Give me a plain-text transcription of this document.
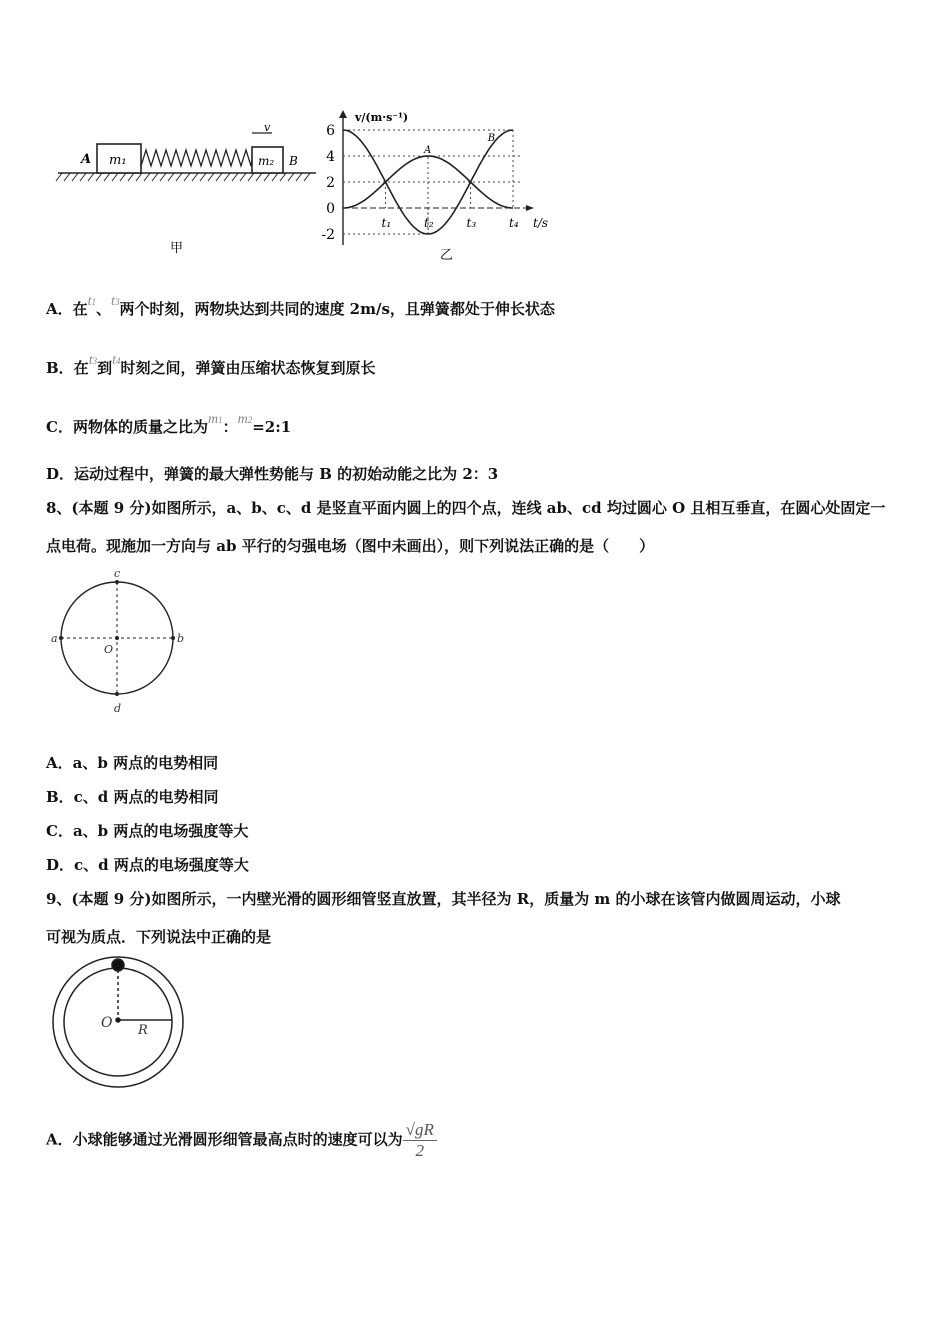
A m₁	m₂ B
v
甲
6
4
2
0
-2
t₁	t₂	t₃	t₄
v/(m·s⁻¹)
t/s
乙
A
B
a	b
c
d
O
O R
A．在t1、t3两个时刻，两物块达到共同的速度 2m/s，且弹簧都处于伸长状态
B．在t3到t4时刻之间，弹簧由压缩状态恢复到原长
C．两物体的质量之比为m1：m2=2:1
D．运动过程中，弹簧的最大弹性势能与 B 的初始动能之比为 2：3
8、(本题 9 分)如图所示，a、b、c、d 是竖直平面内圆上的四个点，连线 ab、cd 均过圆心 O 且相互垂直，在圆心处固定一
点电荷。现施加一方向与 ab 平行的匀强电场（图中未画出），则下列说法正确的是（　　）
A．a、b 两点的电势相同
B．c、d 两点的电势相同
C．a、b 两点的电场强度等大
D．c、d 两点的电场强度等大
9、(本题 9 分)如图所示，一内壁光滑的圆形细管竖直放置，其半径为 R，质量为 m 的小球在该管内做圆周运动，小球
可视为质点．下列说法中正确的是
A．小球能够通过光滑圆形细管最高点时的速度可以为 $\frac{√gR}{2}$
